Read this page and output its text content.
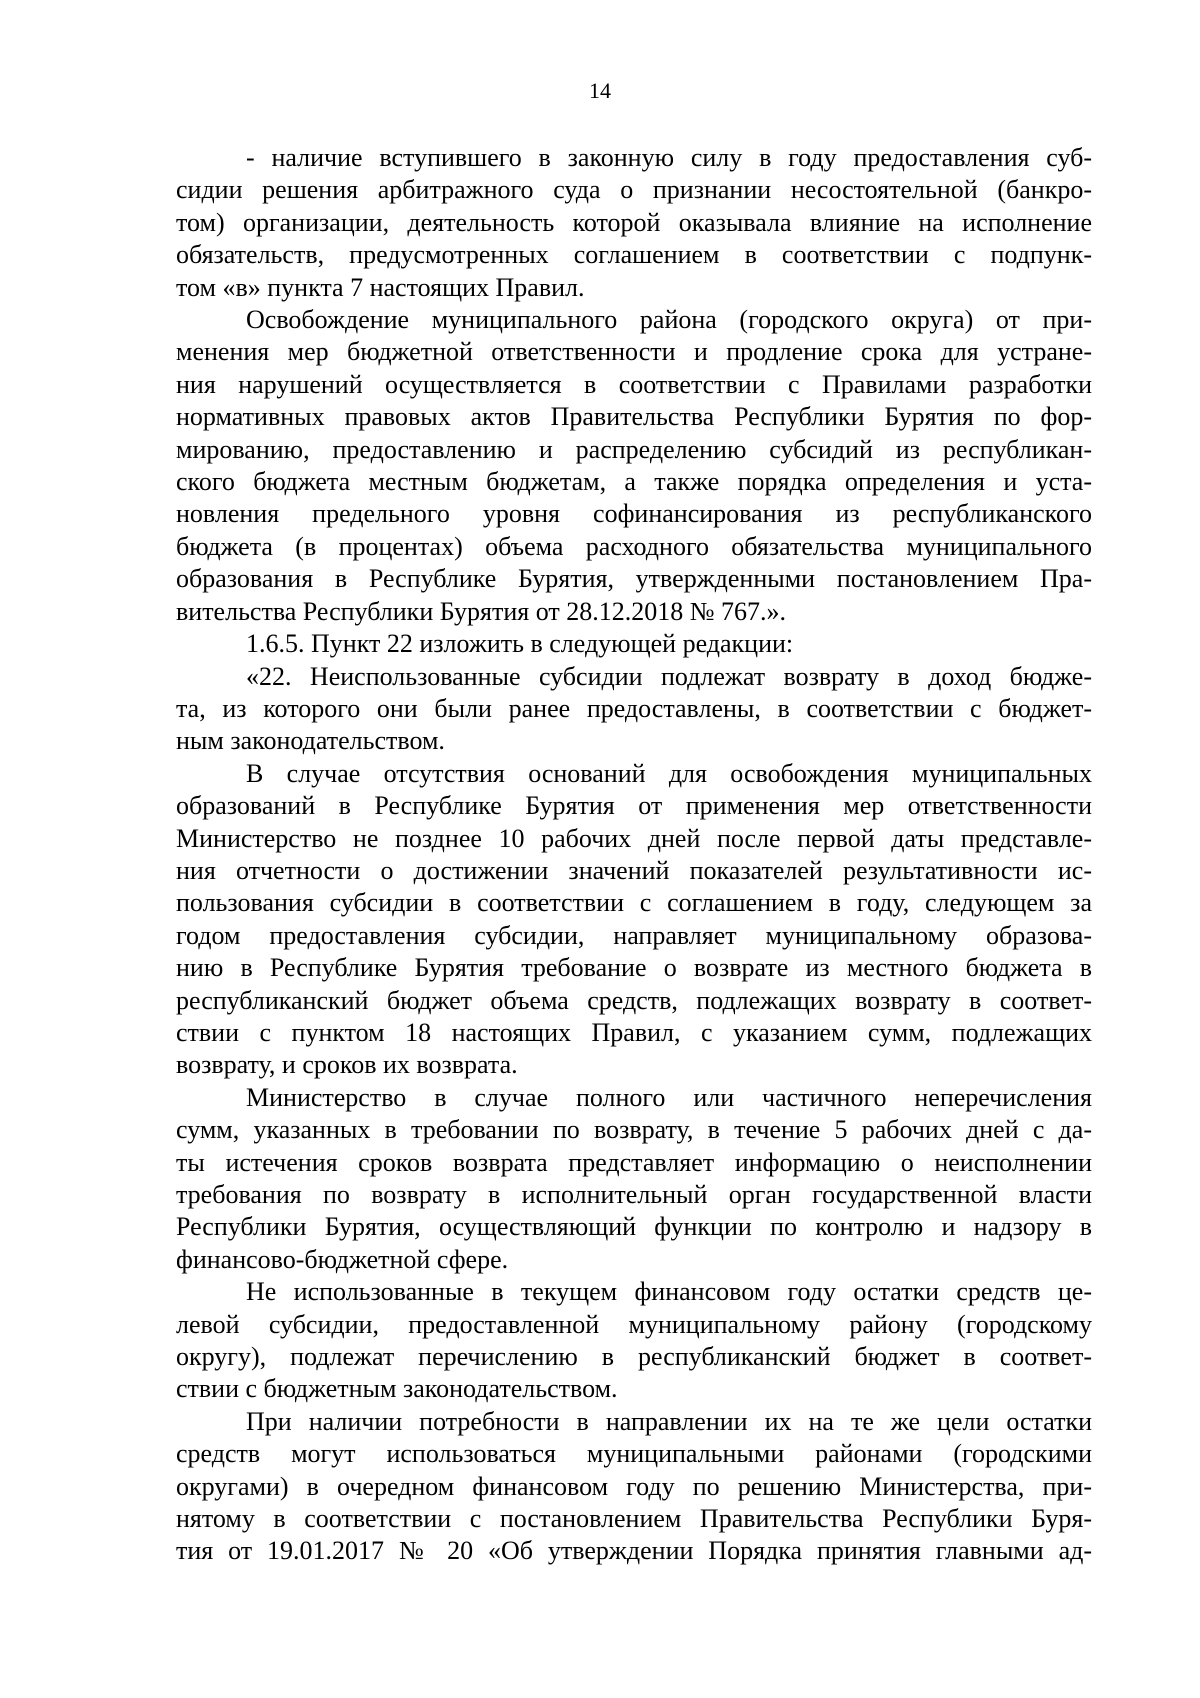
14
- наличие вступившего в законную силу в году предоставления суб-
сидии решения арбитражного суда о признании несостоятельной (банкро-
том) организации, деятельность которой оказывала влияние на исполнение
обязательств, предусмотренных соглашением в соответствии с подпунк-
том «в» пункта 7 настоящих Правил.
Освобождение муниципального района (городского округа) от при-
менения мер бюджетной ответственности и продление срока для устране-
ния нарушений осуществляется в соответствии с Правилами разработки
нормативных правовых актов Правительства Республики Бурятия по фор-
мированию, предоставлению и распределению субсидий из республикан-
ского бюджета местным бюджетам, а также порядка определения и уста-
новления предельного уровня софинансирования из республиканского
бюджета (в процентах) объема расходного обязательства муниципального
образования в Республике Бурятия, утвержденными постановлением Пра-
вительства Республики Бурятия от 28.12.2018 № 767.».
1.6.5. Пункт 22 изложить в следующей редакции:
«22. Неиспользованные субсидии подлежат возврату в доход бюдже-
та, из которого они были ранее предоставлены, в соответствии с бюджет-
ным законодательством.
В случае отсутствия оснований для освобождения муниципальных
образований в Республике Бурятия от применения мер ответственности
Министерство не позднее 10 рабочих дней после первой даты представле-
ния отчетности о достижении значений показателей результативности ис-
пользования субсидии в соответствии с соглашением в году, следующем за
годом предоставления субсидии, направляет муниципальному образова-
нию в Республике Бурятия требование о возврате из местного бюджета в
республиканский бюджет объема средств, подлежащих возврату в соответ-
ствии с пунктом 18 настоящих Правил, с указанием сумм, подлежащих
возврату, и сроков их возврата.
Министерство в случае полного или частичного неперечисления
сумм, указанных в требовании по возврату, в течение 5 рабочих дней с да-
ты истечения сроков возврата представляет информацию о неисполнении
требования по возврату в исполнительный орган государственной власти
Республики Бурятия, осуществляющий функции по контролю и надзору в
финансово-бюджетной сфере.
Не использованные в текущем финансовом году остатки средств це-
левой субсидии, предоставленной муниципальному району (городскому
округу), подлежат перечислению в республиканский бюджет в соответ-
ствии с бюджетным законодательством.
При наличии потребности в направлении их на те же цели остатки
средств могут использоваться муниципальными районами (городскими
округами) в очередном финансовом году по решению Министерства, при-
нятому в соответствии с постановлением Правительства Республики Буря-
тия от 19.01.2017 № 20 «Об утверждении Порядка принятия главными ад-
